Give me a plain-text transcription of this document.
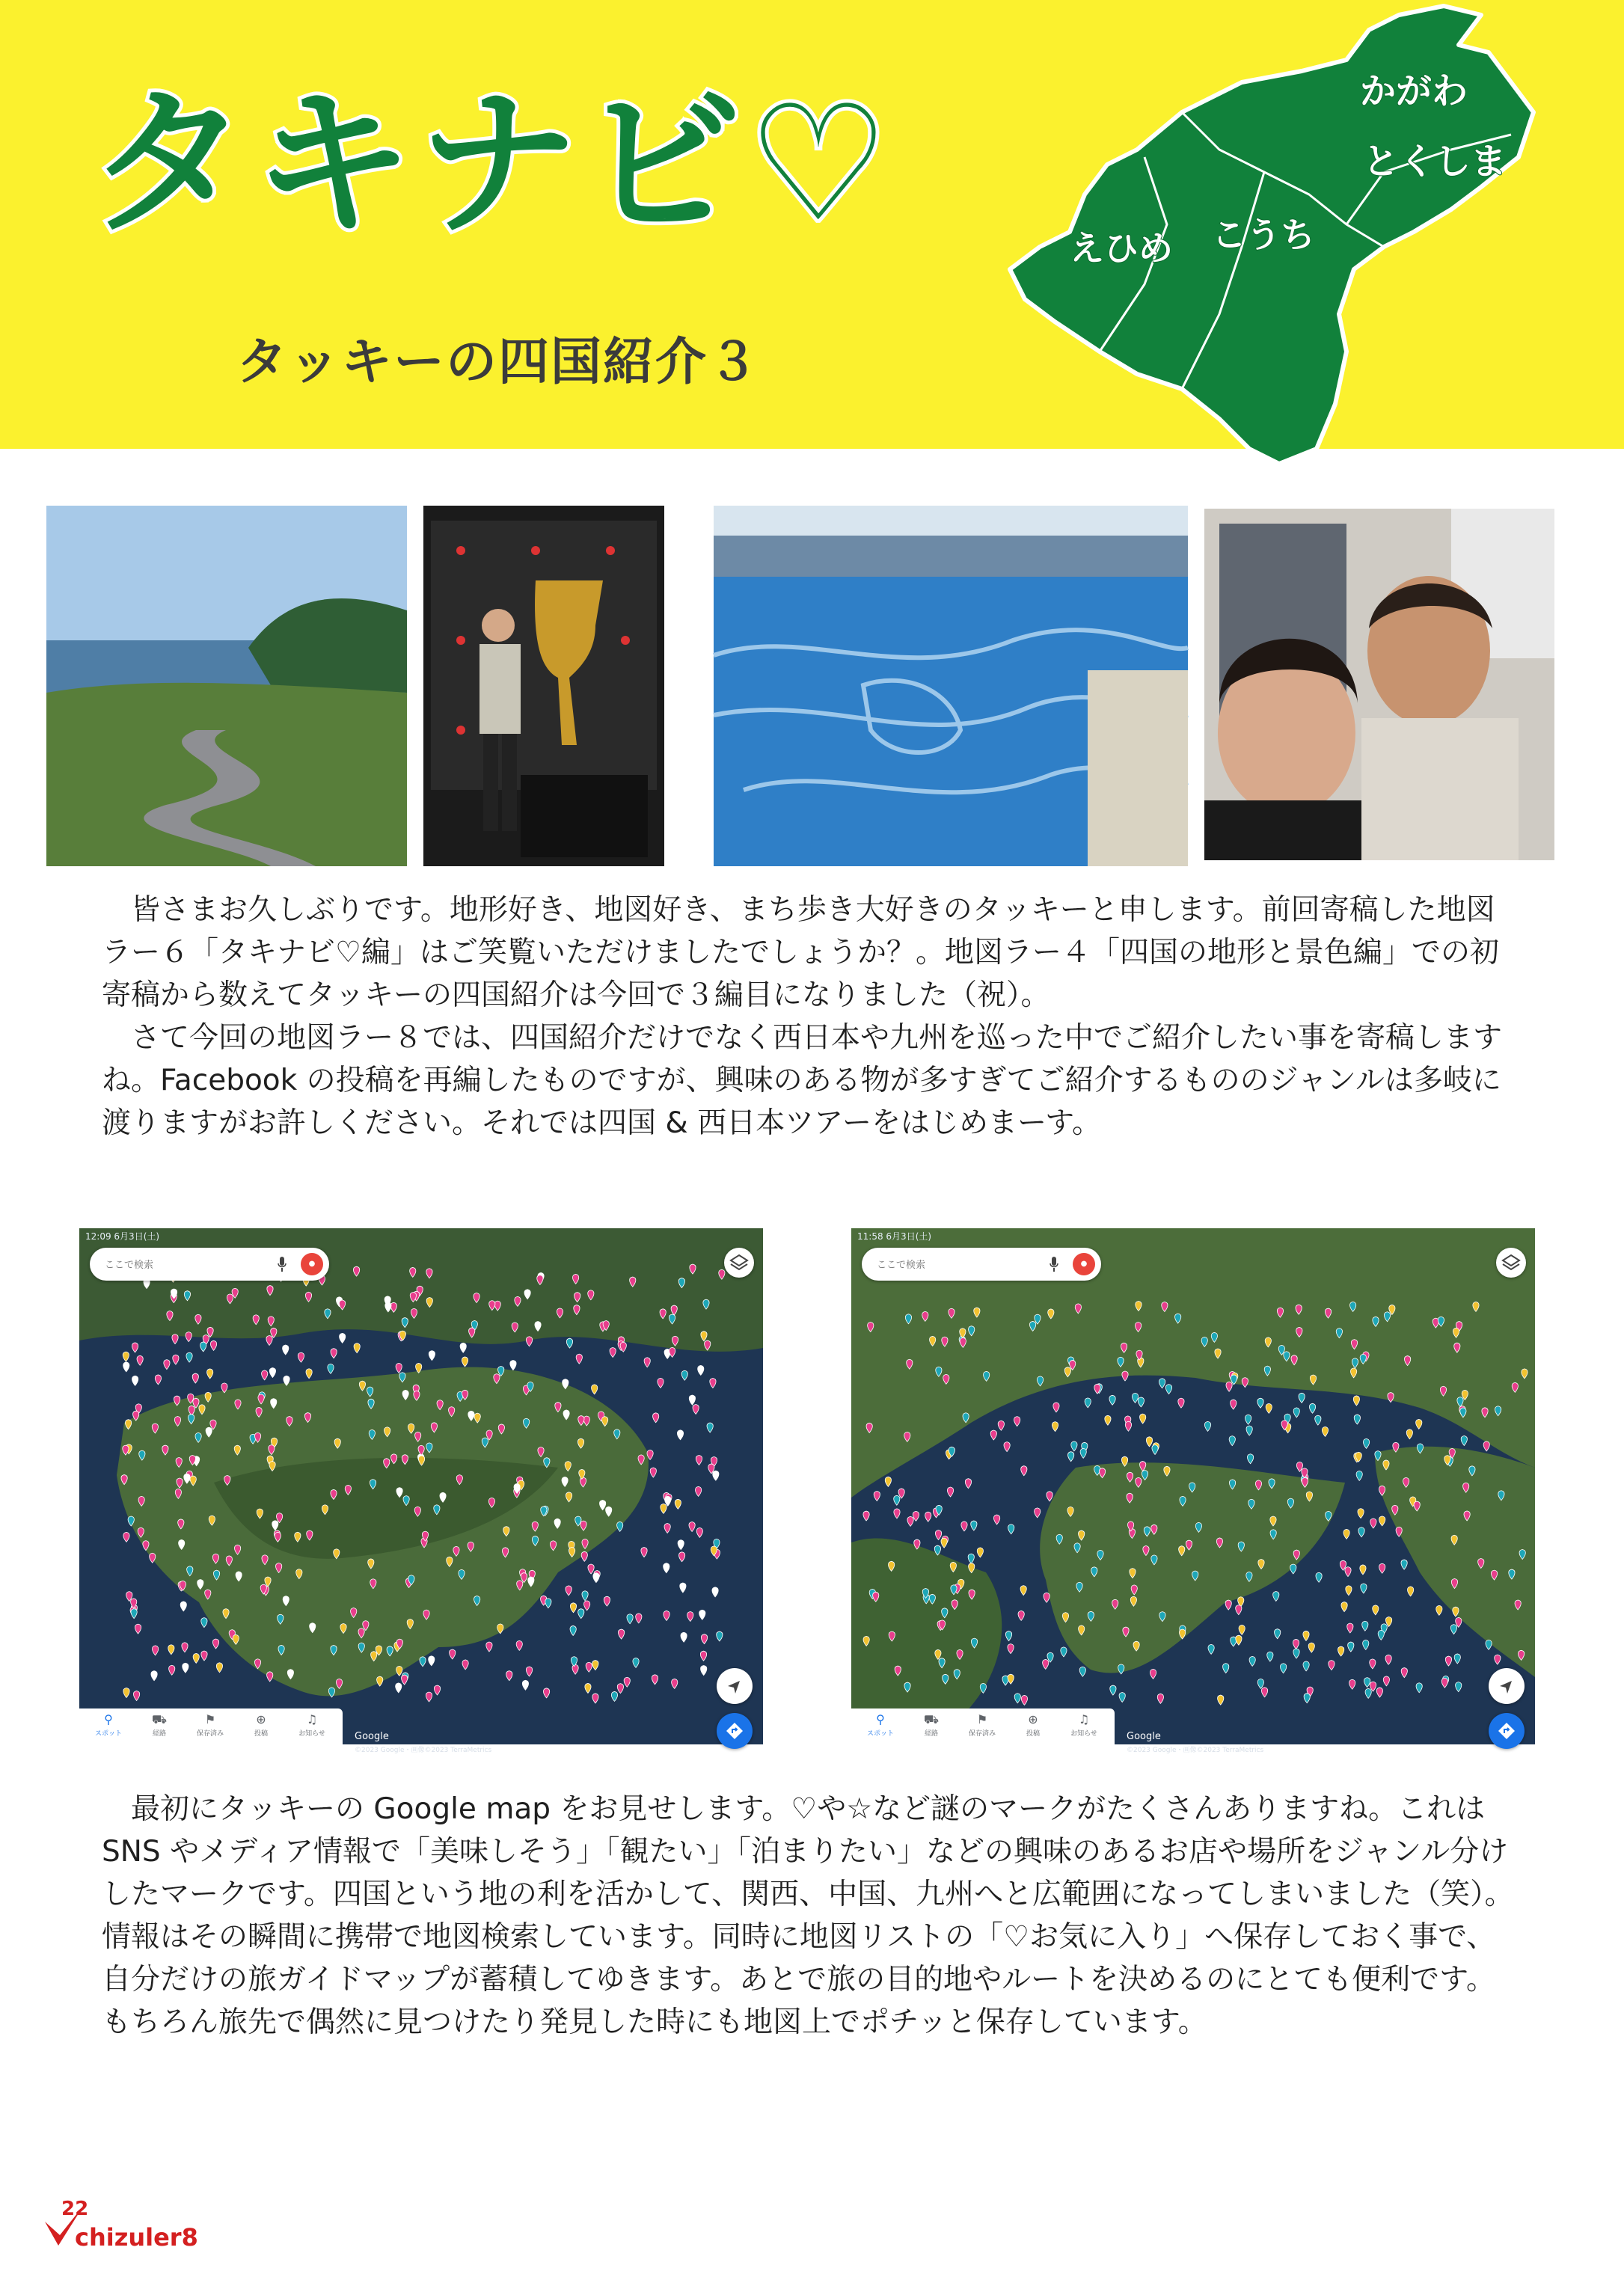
タキナビ♡
タッキーの四国紹介３
かがわ
とくしま
えひめ こうち

　皆さまお久しぶりです。地形好き、地図好き、まち歩き大好きのタッキーと申します。前回寄稿した地図ラー６「タキナビ♡編」はご笑覧いただけましたでしょうか？。地図ラー４「四国の地形と景色編」での初寄稿から数えてタッキーの四国紹介は今回で３編目になりました（祝）。
　さて今回の地図ラー８では、四国紹介だけでなく西日本や九州を巡った中でご紹介したい事を寄稿しますね。Facebook の投稿を再編したものですが、興味のある物が多すぎてご紹介するもののジャンルは多岐に渡りますがお許しください。それでは四国 & 西日本ツアーをはじめまーす。

12:09 6月3日(土)
ここで検索
●
Google
©2023 Google・画像©2023 TerraMetrics
⚲
スポット
⛟
経路
⚑
保存済み
⊕
投稿
♫
お知らせ
11:58 6月3日(土)
ここで検索
●
Google
©2023 Google・画像©2023 TerraMetrics
⚲
スポット
⛟
経路
⚑
保存済み
⊕
投稿
♫
お知らせ

　最初にタッキーの Google map をお見せします。♡や☆など謎のマークがたくさんありますね。これは SNS やメディア情報で「美味しそう」「観たい」「泊まりたい」などの興味のあるお店や場所をジャンル分けしたマークです。四国という地の利を活かして、関西、中国、九州へと広範囲になってしまいました（笑）。情報はその瞬間に携帯で地図検索しています。同時に地図リストの「♡お気に入り」へ保存しておく事で、自分だけの旅ガイドマップが蓄積してゆきます。あとで旅の目的地やルートを決めるのにとても便利です。もちろん旅先で偶然に見つけたり発見した時にも地図上でポチッと保存しています。

22
chizuler8
